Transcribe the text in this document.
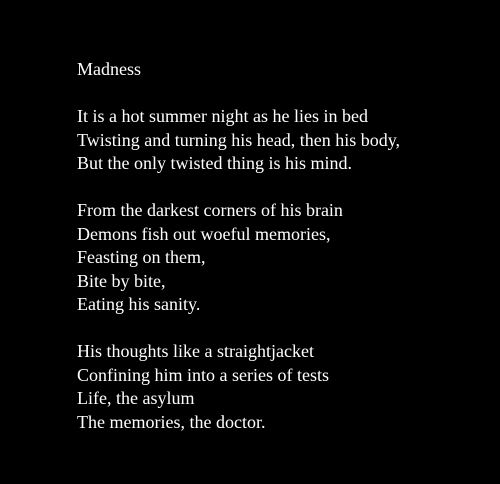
Madness
It is a hot summer night as he lies in bed
Twisting and turning his head, then his body,
But the only twisted thing is his mind.
From the darkest corners of his brain
Demons fish out woeful memories,
Feasting on them,
Bite by bite,
Eating his sanity.
His thoughts like a straightjacket
Confining him into a series of tests
Life, the asylum
The memories, the doctor.
